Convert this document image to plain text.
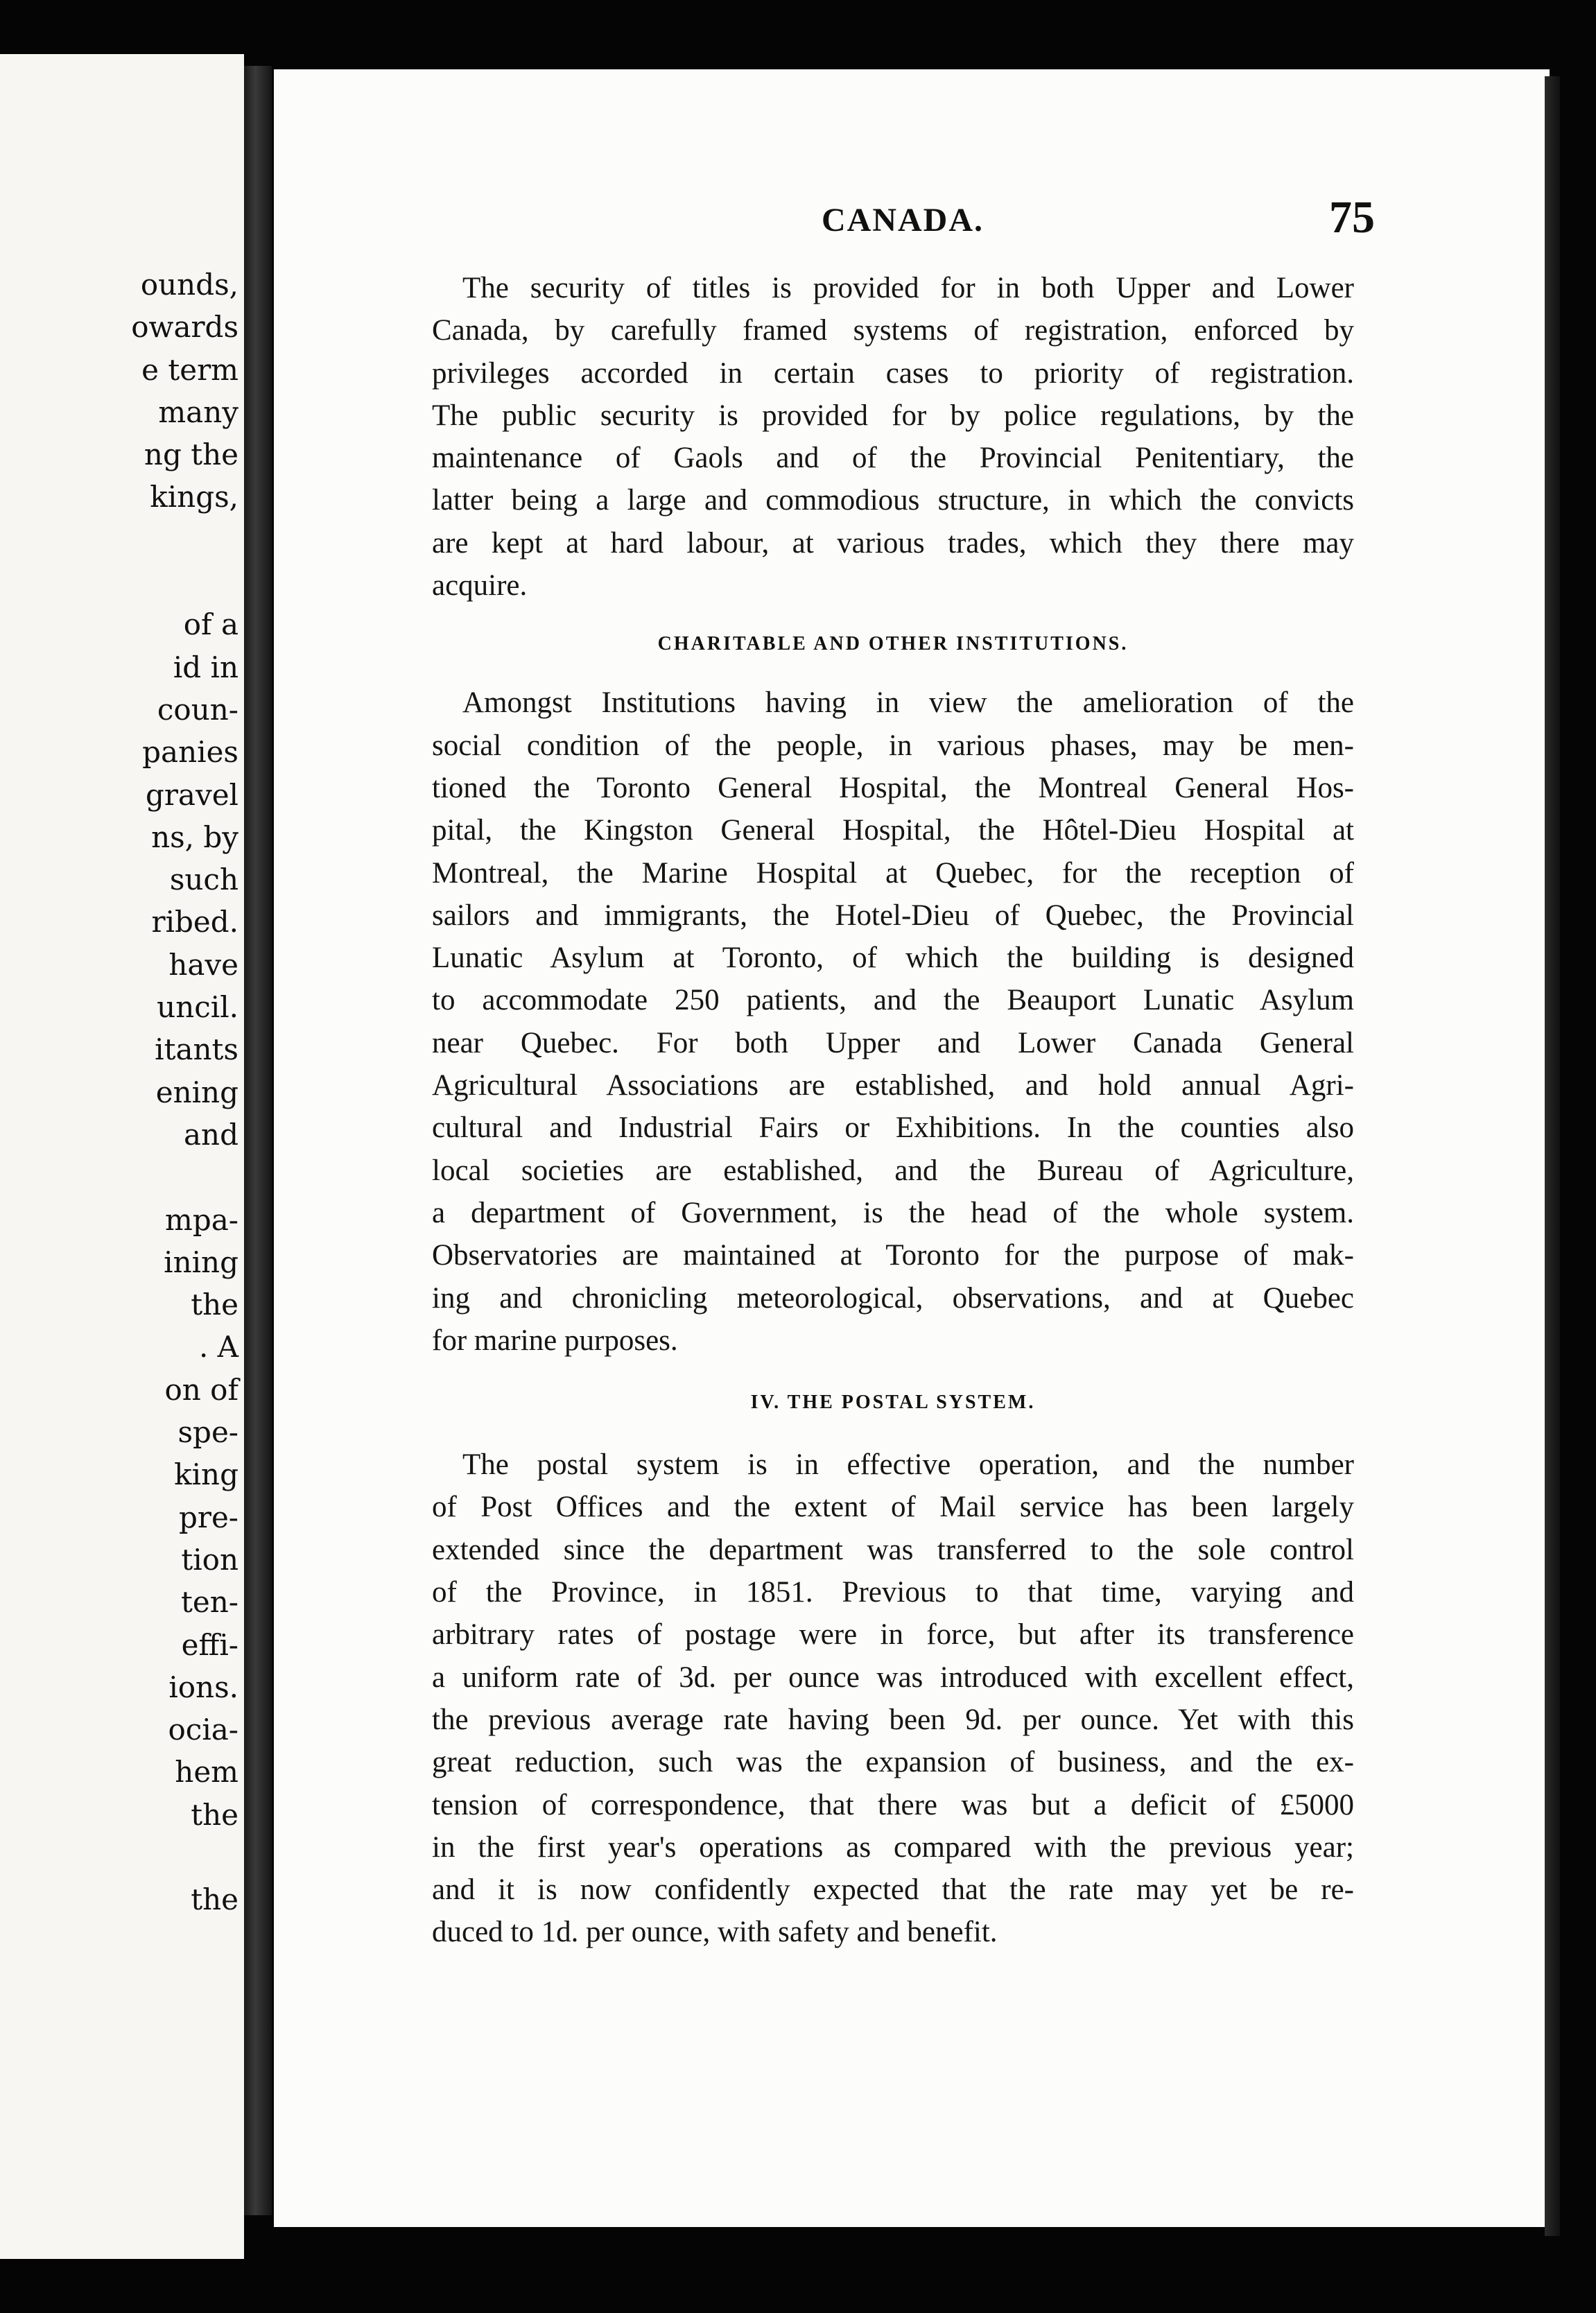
ounds,
owards
e term
many
ng the
kings,
of a
id in
coun-
panies
gravel
ns, by
such
ribed.
have
uncil.
itants
ening
and
mpa-
ining
the
. A
on of
spe-
king
pre-
tion
ten-
effi-
ions.
ocia-
hem
the
the
CANADA.	75

The security of titles is provided for in both Upper and Lower

Canada, by carefully framed systems of registration, enforced by

privileges accorded in certain cases to priority of registration.

The public security is provided for by police regulations, by the

maintenance of Gaols and of the Provincial Penitentiary, the

latter being a large and commodious structure, in which the convicts

are kept at hard labour, at various trades, which they there may

acquire.

CHARITABLE AND OTHER INSTITUTIONS.

Amongst Institutions having in view the amelioration of the

social condition of the people, in various phases, may be men-

tioned the Toronto General Hospital, the Montreal General Hos-

pital, the Kingston General Hospital, the Hôtel-Dieu Hospital at

Montreal, the Marine Hospital at Quebec, for the reception of

sailors and immigrants, the Hotel-Dieu of Quebec, the Provincial

Lunatic Asylum at Toronto, of which the building is designed

to accommodate 250 patients, and the Beauport Lunatic Asylum

near Quebec. For both Upper and Lower Canada General

Agricultural Associations are established, and hold annual Agri-

cultural and Industrial Fairs or Exhibitions. In the counties also

local societies are established, and the Bureau of Agriculture,

a department of Government, is the head of the whole system.

Observatories are maintained at Toronto for the purpose of mak-

ing and chronicling meteorological, observations, and at Quebec

for marine purposes.

IV. THE POSTAL SYSTEM.

The postal system is in effective operation, and the number

of Post Offices and the extent of Mail service has been largely

extended since the department was transferred to the sole control

of the Province, in 1851. Previous to that time, varying and

arbitrary rates of postage were in force, but after its transference

a uniform rate of 3d. per ounce was introduced with excellent effect,

the previous average rate having been 9d. per ounce. Yet with this

great reduction, such was the expansion of business, and the ex-

tension of correspondence, that there was but a deficit of £5000

in the first year's operations as compared with the previous year;

and it is now confidently expected that the rate may yet be re-

duced to 1d. per ounce, with safety and benefit.
